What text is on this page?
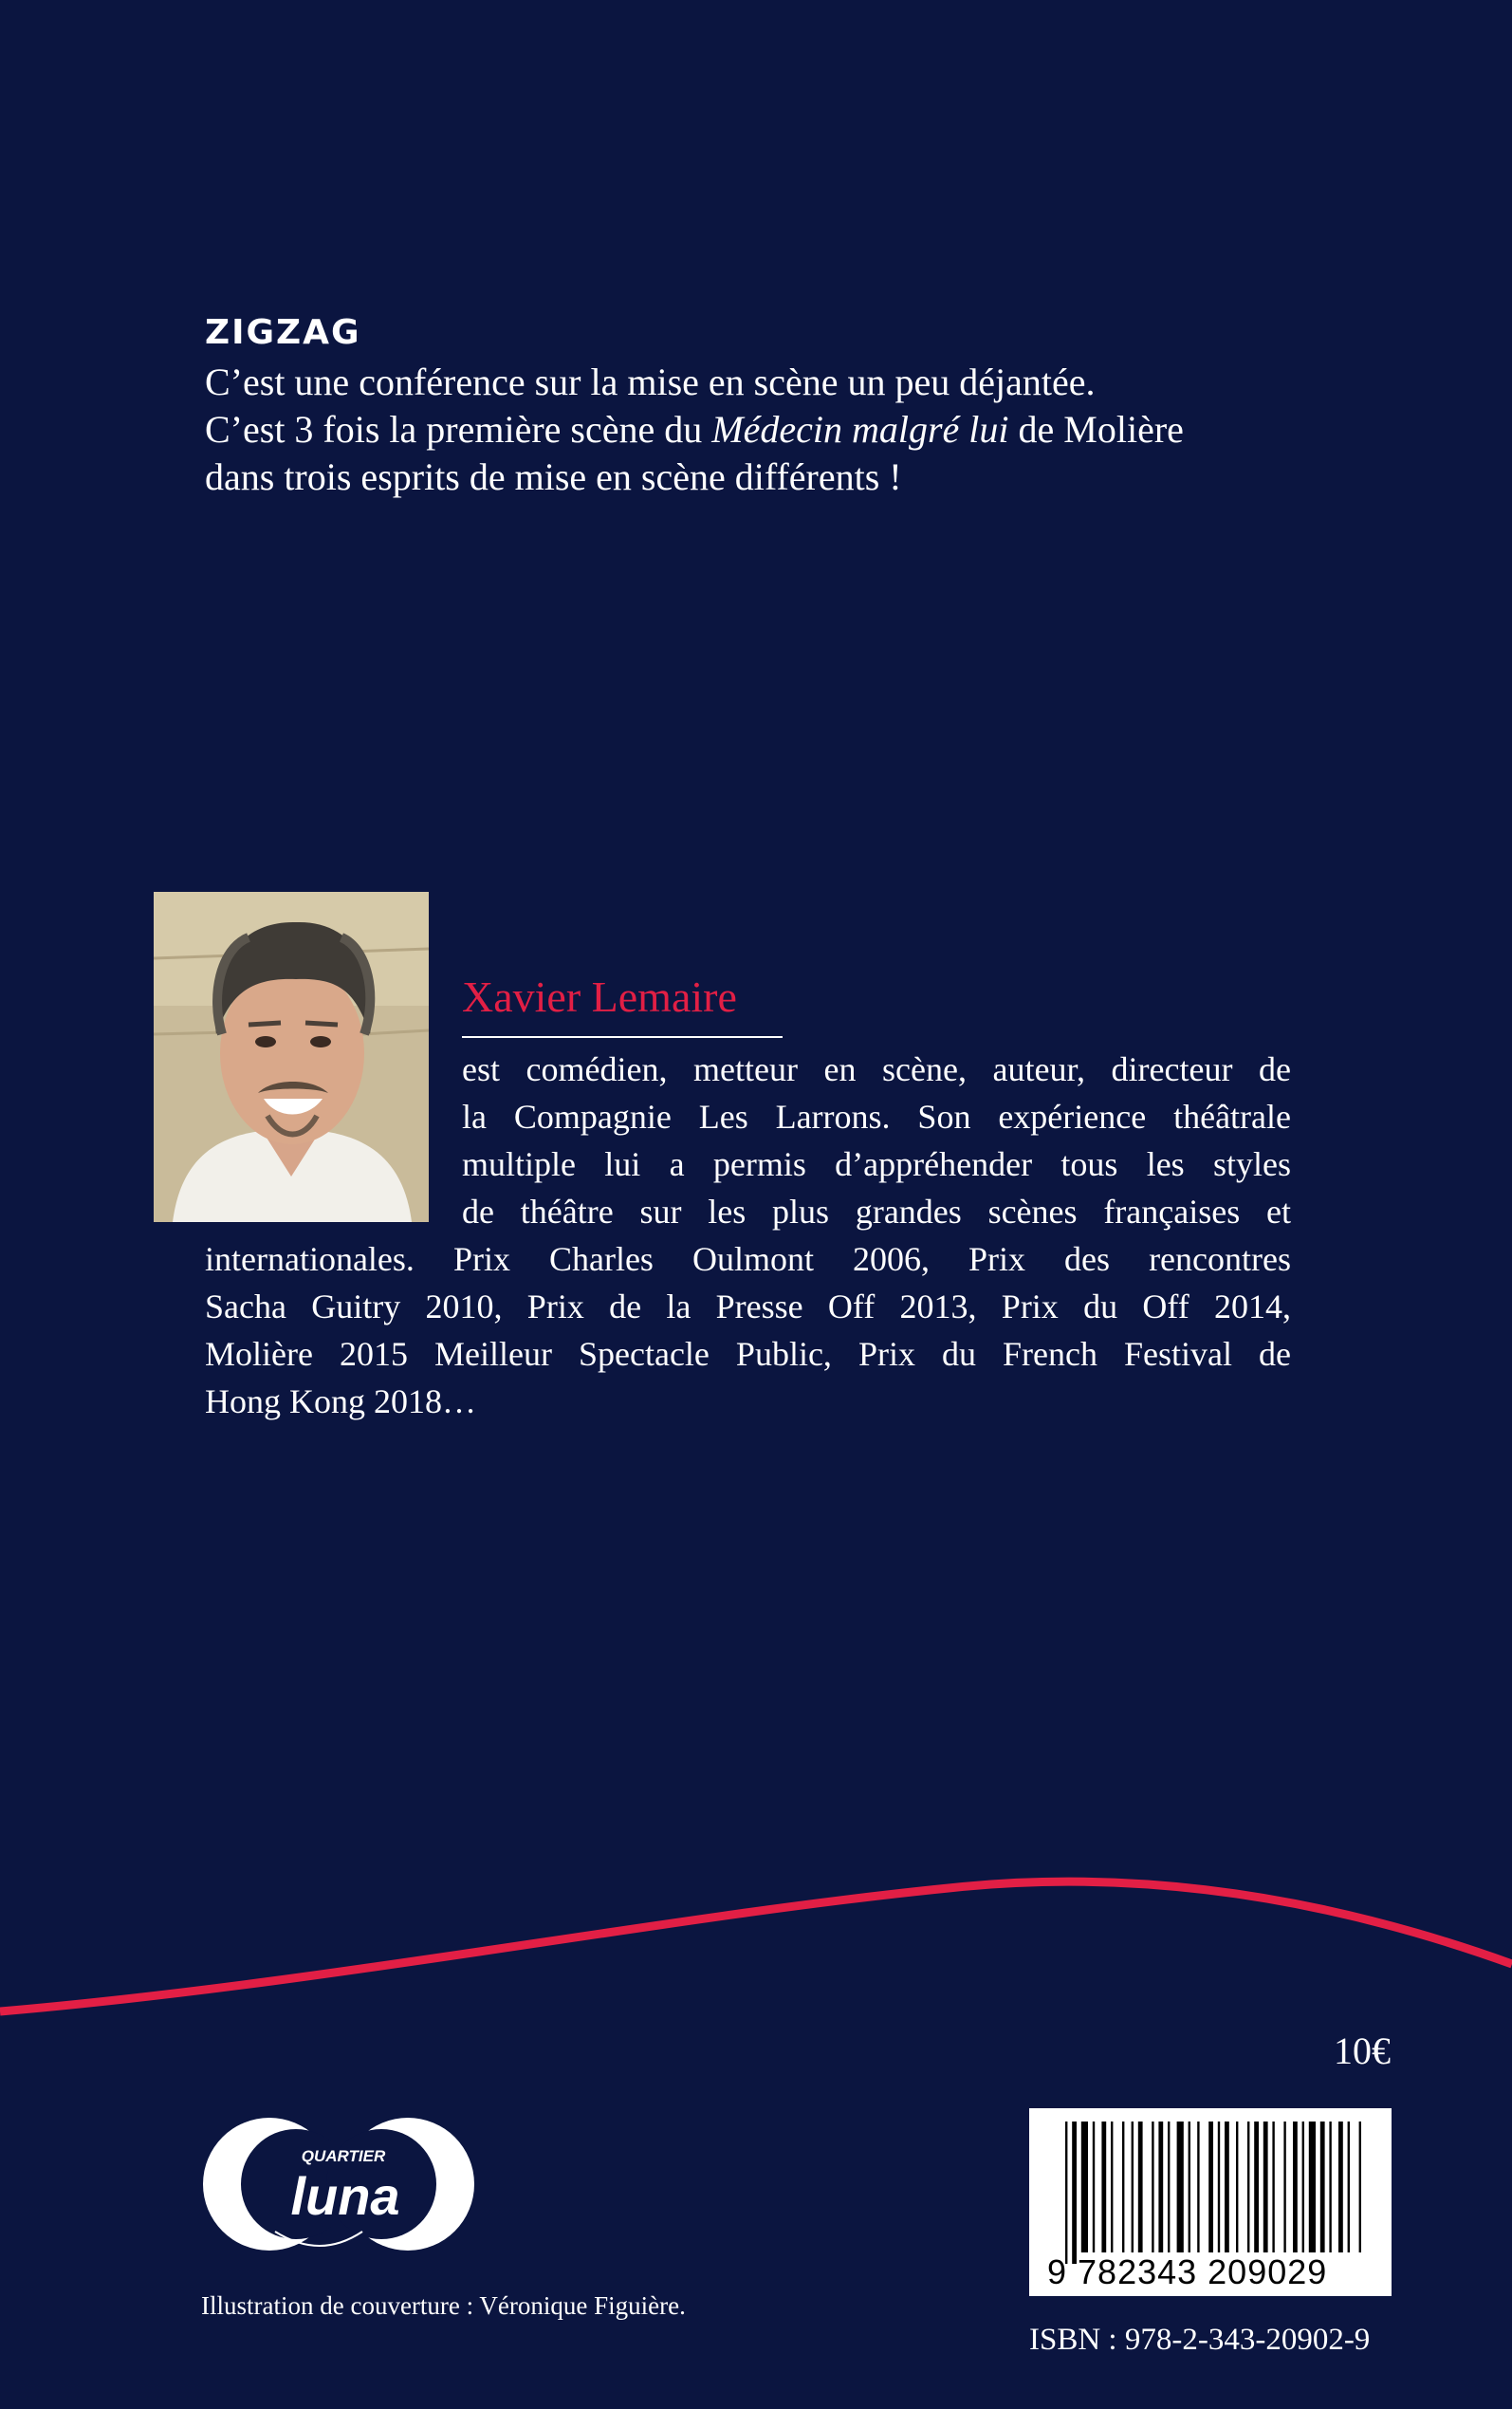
ZIGZAG

C’est une conférence sur la mise en scène un peu déjantée.

C’est 3 fois la première scène du Médecin malgré lui de Molière

dans trois esprits de mise en scène différents !

Xavier Lemaire
est comédien, metteur en scène, auteur, directeur de
la Compagnie Les Larrons. Son expérience théâtrale
multiple lui a permis d’appréhender tous les styles
de théâtre sur les plus grandes scènes françaises et
internationales. Prix Charles Oulmont 2006, Prix des rencontres
Sacha Guitry 2010, Prix de la Presse Off 2013, Prix du Off 2014,
Molière 2015 Meilleur Spectacle Public, Prix du French Festival de
Hong Kong 2018…
10€
QUARTIER
luna
9 782343 209029
Illustration de couverture : Véronique Figuière.
ISBN : 978-2-343-20902-9
